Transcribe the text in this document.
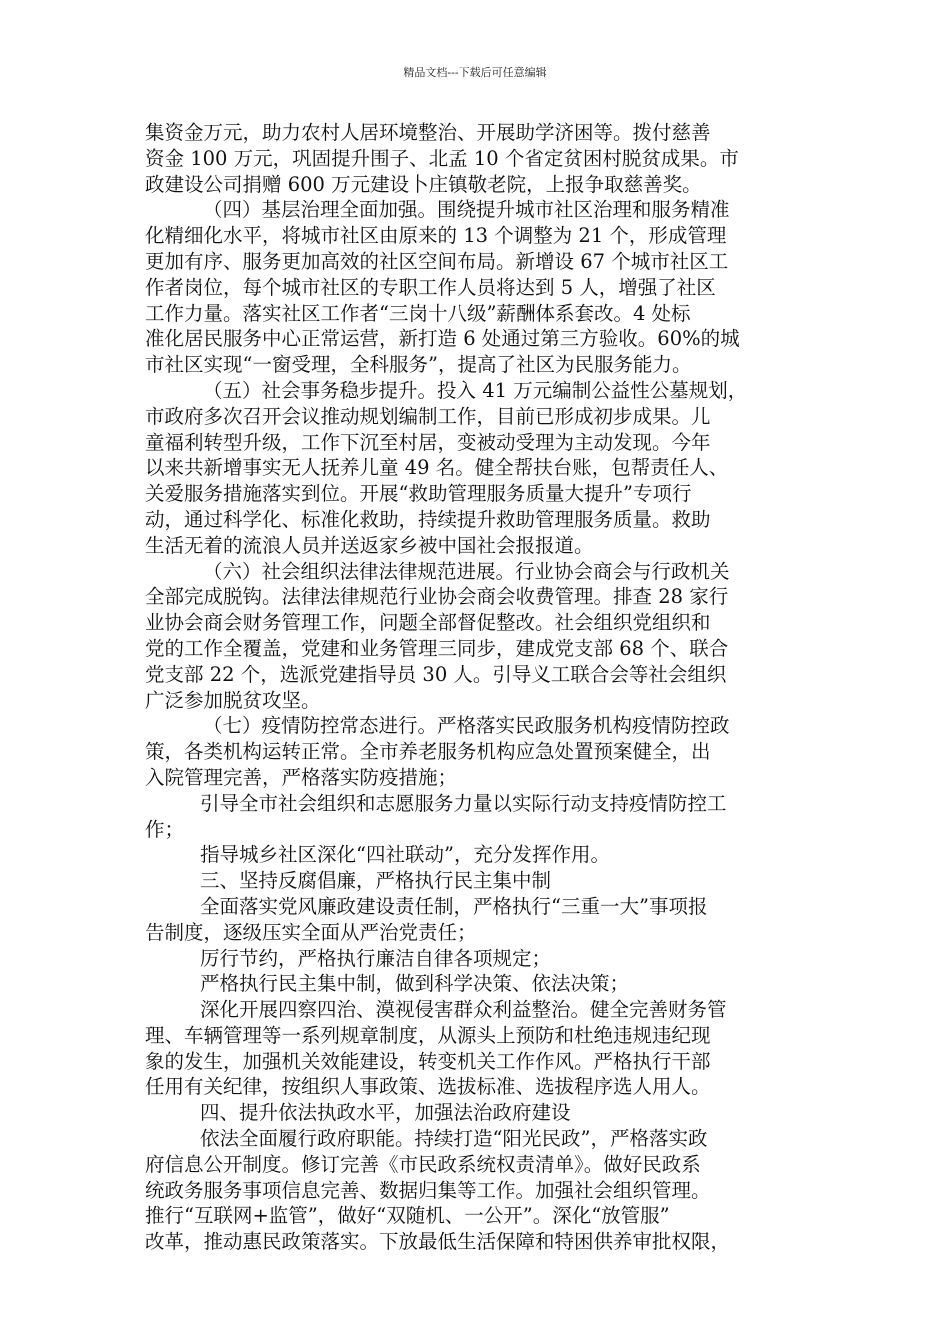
精品文档---下载后可任意编辑
集资金万元，助力农村人居环境整治、开展助学济困等。拨付慈善
资金 100 万元，巩固提升围子、北孟 10 个省定贫困村脱贫成果。市
政建设公司捐赠 600 万元建设卜庄镇敬老院，上报争取慈善奖。
（四）基层治理全面加强。围绕提升城市社区治理和服务精准
化精细化水平，将城市社区由原来的 13 个调整为 21 个，形成管理
更加有序、服务更加高效的社区空间布局。新增设 67 个城市社区工
作者岗位，每个城市社区的专职工作人员将达到 5 人，增强了社区
工作力量。落实社区工作者“三岗十八级”薪酬体系套改。4 处标
准化居民服务中心正常运营，新打造 6 处通过第三方验收。60%的城
市社区实现“一窗受理，全科服务”，提高了社区为民服务能力。
（五）社会事务稳步提升。投入 41 万元编制公益性公墓规划，
市政府多次召开会议推动规划编制工作，目前已形成初步成果。儿
童福利转型升级，工作下沉至村居，变被动受理为主动发现。今年
以来共新增事实无人抚养儿童 49 名。健全帮扶台账，包帮责任人、
关爱服务措施落实到位。开展“救助管理服务质量大提升”专项行
动，通过科学化、标准化救助，持续提升救助管理服务质量。救助
生活无着的流浪人员并送返家乡被中国社会报报道。
（六）社会组织法律法律规范进展。行业协会商会与行政机关
全部完成脱钩。法律法律规范行业协会商会收费管理。排查 28 家行
业协会商会财务管理工作，问题全部督促整改。社会组织党组织和
党的工作全覆盖，党建和业务管理三同步，建成党支部 68 个、联合
党支部 22 个，选派党建指导员 30 人。引导义工联合会等社会组织
广泛参加脱贫攻坚。
（七）疫情防控常态进行。严格落实民政服务机构疫情防控政
策，各类机构运转正常。全市养老服务机构应急处置预案健全，出
入院管理完善，严格落实防疫措施；
引导全市社会组织和志愿服务力量以实际行动支持疫情防控工
作；
指导城乡社区深化“四社联动”，充分发挥作用。
三、坚持反腐倡廉，严格执行民主集中制
全面落实党风廉政建设责任制，严格执行“三重一大”事项报
告制度，逐级压实全面从严治党责任；
厉行节约，严格执行廉洁自律各项规定；
严格执行民主集中制，做到科学决策、依法决策；
深化开展四察四治、漠视侵害群众利益整治。健全完善财务管
理、车辆管理等一系列规章制度，从源头上预防和杜绝违规违纪现
象的发生，加强机关效能建设，转变机关工作作风。严格执行干部
任用有关纪律，按组织人事政策、选拔标准、选拔程序选人用人。
四、提升依法执政水平，加强法治政府建设
依法全面履行政府职能。持续打造“阳光民政”，严格落实政
府信息公开制度。修订完善《市民政系统权责清单》。做好民政系
统政务服务事项信息完善、数据归集等工作。加强社会组织管理。
推行“互联网+监管”，做好“双随机、一公开”。深化“放管服”
改革，推动惠民政策落实。下放最低生活保障和特困供养审批权限，
